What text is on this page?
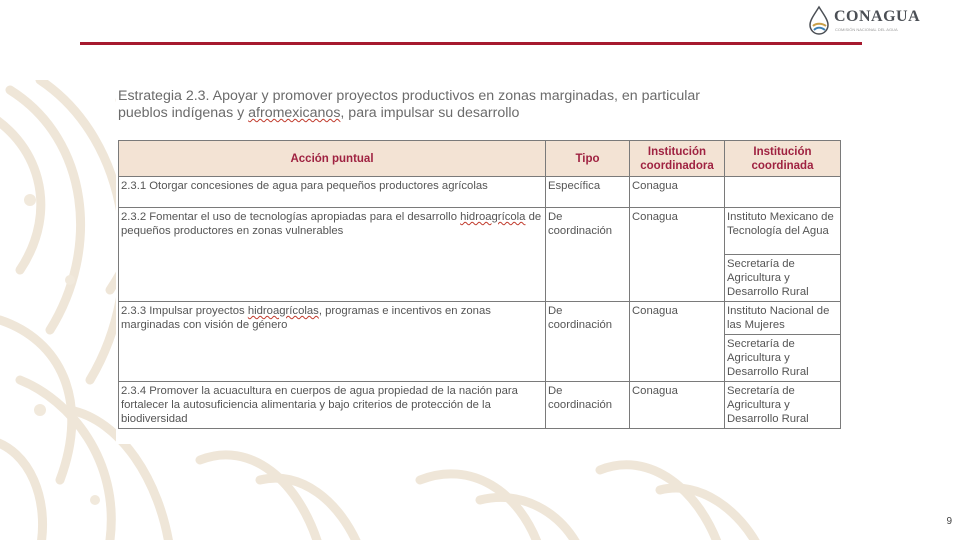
CONAGUA
COMISIÓN NACIONAL DEL AGUA
Estrategia 2.3. Apoyar y promover proyectos productivos en zonas marginadas, en particular
pueblos indígenas y afromexicanos, para impulsar su desarrollo
Acción puntual	Tipo	Institución coordinadora	Institución coordinada
2.3.1 Otorgar concesiones de agua para pequeños productores agrícolas	Específica	Conagua	
2.3.2 Fomentar el uso de tecnologías apropiadas para el desarrollo hidroagrícola de pequeños productores en zonas vulnerables	De coordinación	Conagua	Instituto Mexicano de Tecnología del Agua
			Secretaría de Agricultura y Desarrollo Rural
2.3.3 Impulsar proyectos hidroagrícolas, programas e incentivos en zonas marginadas con visión de género	De coordinación	Conagua	Instituto Nacional de las Mujeres
			Secretaría de Agricultura y Desarrollo Rural
2.3.4 Promover la acuacultura en cuerpos de agua propiedad de la nación para fortalecer la autosuficiencia alimentaria y bajo criterios de protección de la biodiversidad	De coordinación	Conagua	Secretaría de Agricultura y Desarrollo Rural
9
